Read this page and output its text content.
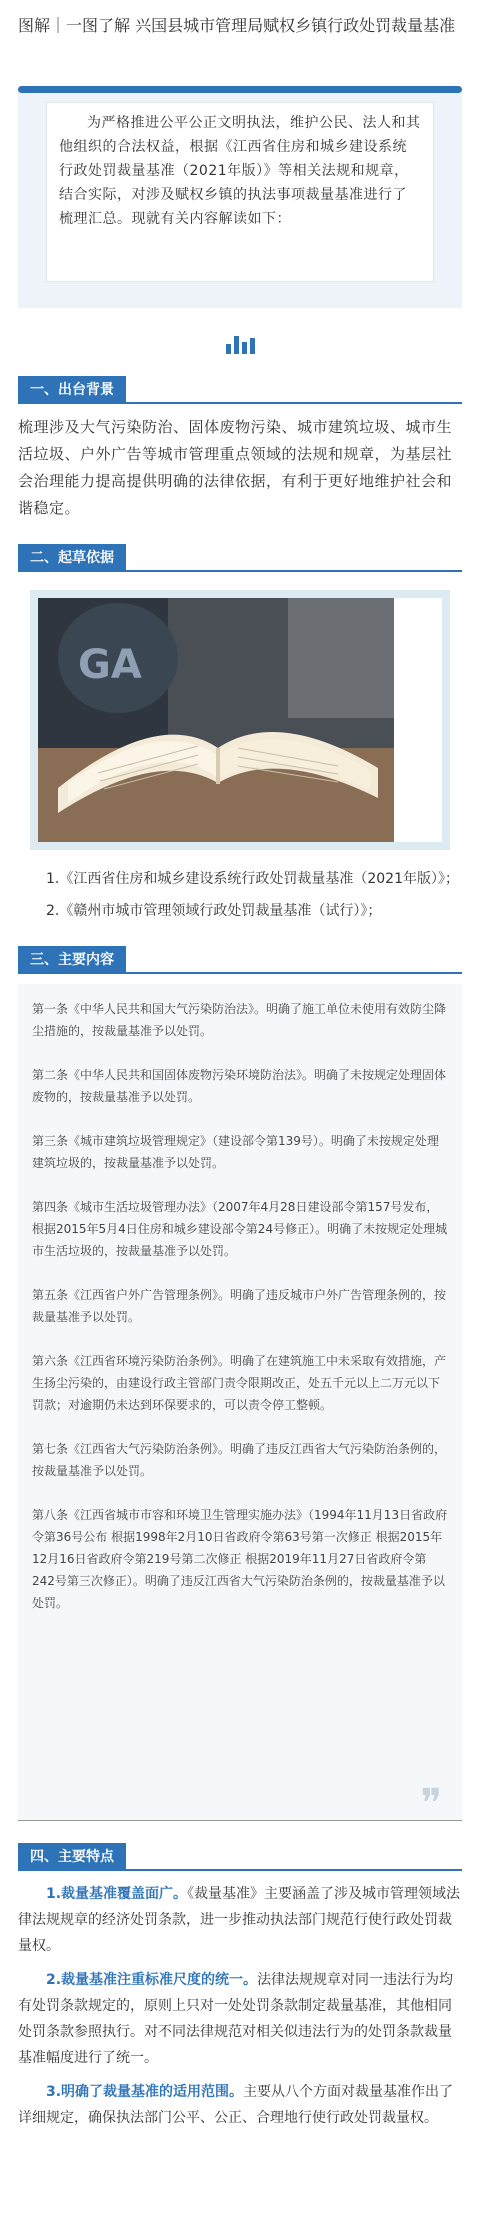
图解｜一图了解 兴国县城市管理局赋权乡镇行政处罚裁量基准
为严格推进公平公正文明执法，维护公民、法人和其他组织的合法权益，根据《江西省住房和城乡建设系统行政处罚裁量基准（2021年版）》等相关法规和规章，结合实际，对涉及赋权乡镇的执法事项裁量基准进行了梳理汇总。现就有关内容解读如下：
一、出台背景
梳理涉及大气污染防治、固体废物污染、城市建筑垃圾、城市生活垃圾、户外广告等城市管理重点领域的法规和规章，为基层社会治理能力提高提供明确的法律依据，有利于更好地维护社会和谐稳定。
二、起草依据
GA

1.《江西省住房和城乡建设系统行政处罚裁量基准（2021年版）》；

2.《赣州市城市管理领域行政处罚裁量基准（试行）》；

三、主要内容

第一条《中华人民共和国大气污染防治法》。明确了施工单位未使用有效防尘降尘措施的，按裁量基准予以处罚。

第二条《中华人民共和国固体废物污染环境防治法》。明确了未按规定处理固体废物的，按裁量基准予以处罚。

第三条《城市建筑垃圾管理规定》（建设部令第139号）。明确了未按规定处理建筑垃圾的，按裁量基准予以处罚。

第四条《城市生活垃圾管理办法》（2007年4月28日建设部令第157号发布，根据2015年5月4日住房和城乡建设部令第24号修正）。明确了未按规定处理城市生活垃圾的，按裁量基准予以处罚。

第五条《江西省户外广告管理条例》。明确了违反城市户外广告管理条例的，按裁量基准予以处罚。

第六条《江西省环境污染防治条例》。明确了在建筑施工中未采取有效措施，产生扬尘污染的，由建设行政主管部门责令限期改正，处五千元以上二万元以下罚款；对逾期仍未达到环保要求的，可以责令停工整顿。

第七条《江西省大气污染防治条例》。明确了违反江西省大气污染防治条例的，按裁量基准予以处罚。

第八条《江西省城市市容和环境卫生管理实施办法》（1994年11月13日省政府令第36号公布 根据1998年2月10日省政府令第63号第一次修正 根据2015年12月16日省政府令第219号第二次修正 根据2019年11月27日省政府令第242号第三次修正）。明确了违反江西省大气污染防治条例的，按裁量基准予以处罚。

❞
四、主要特点

1.裁量基准覆盖面广。《裁量基准》主要涵盖了涉及城市管理领域法律法规规章的经济处罚条款，进一步推动执法部门规范行使行政处罚裁量权。

2.裁量基准注重标准尺度的统一。法律法规规章对同一违法行为均有处罚条款规定的，原则上只对一处处罚条款制定裁量基准，其他相同处罚条款参照执行。对不同法律规范对相关似违法行为的处罚条款裁量基准幅度进行了统一。

3.明确了裁量基准的适用范围。主要从八个方面对裁量基准作出了详细规定，确保执法部门公平、公正、合理地行使行政处罚裁量权。
